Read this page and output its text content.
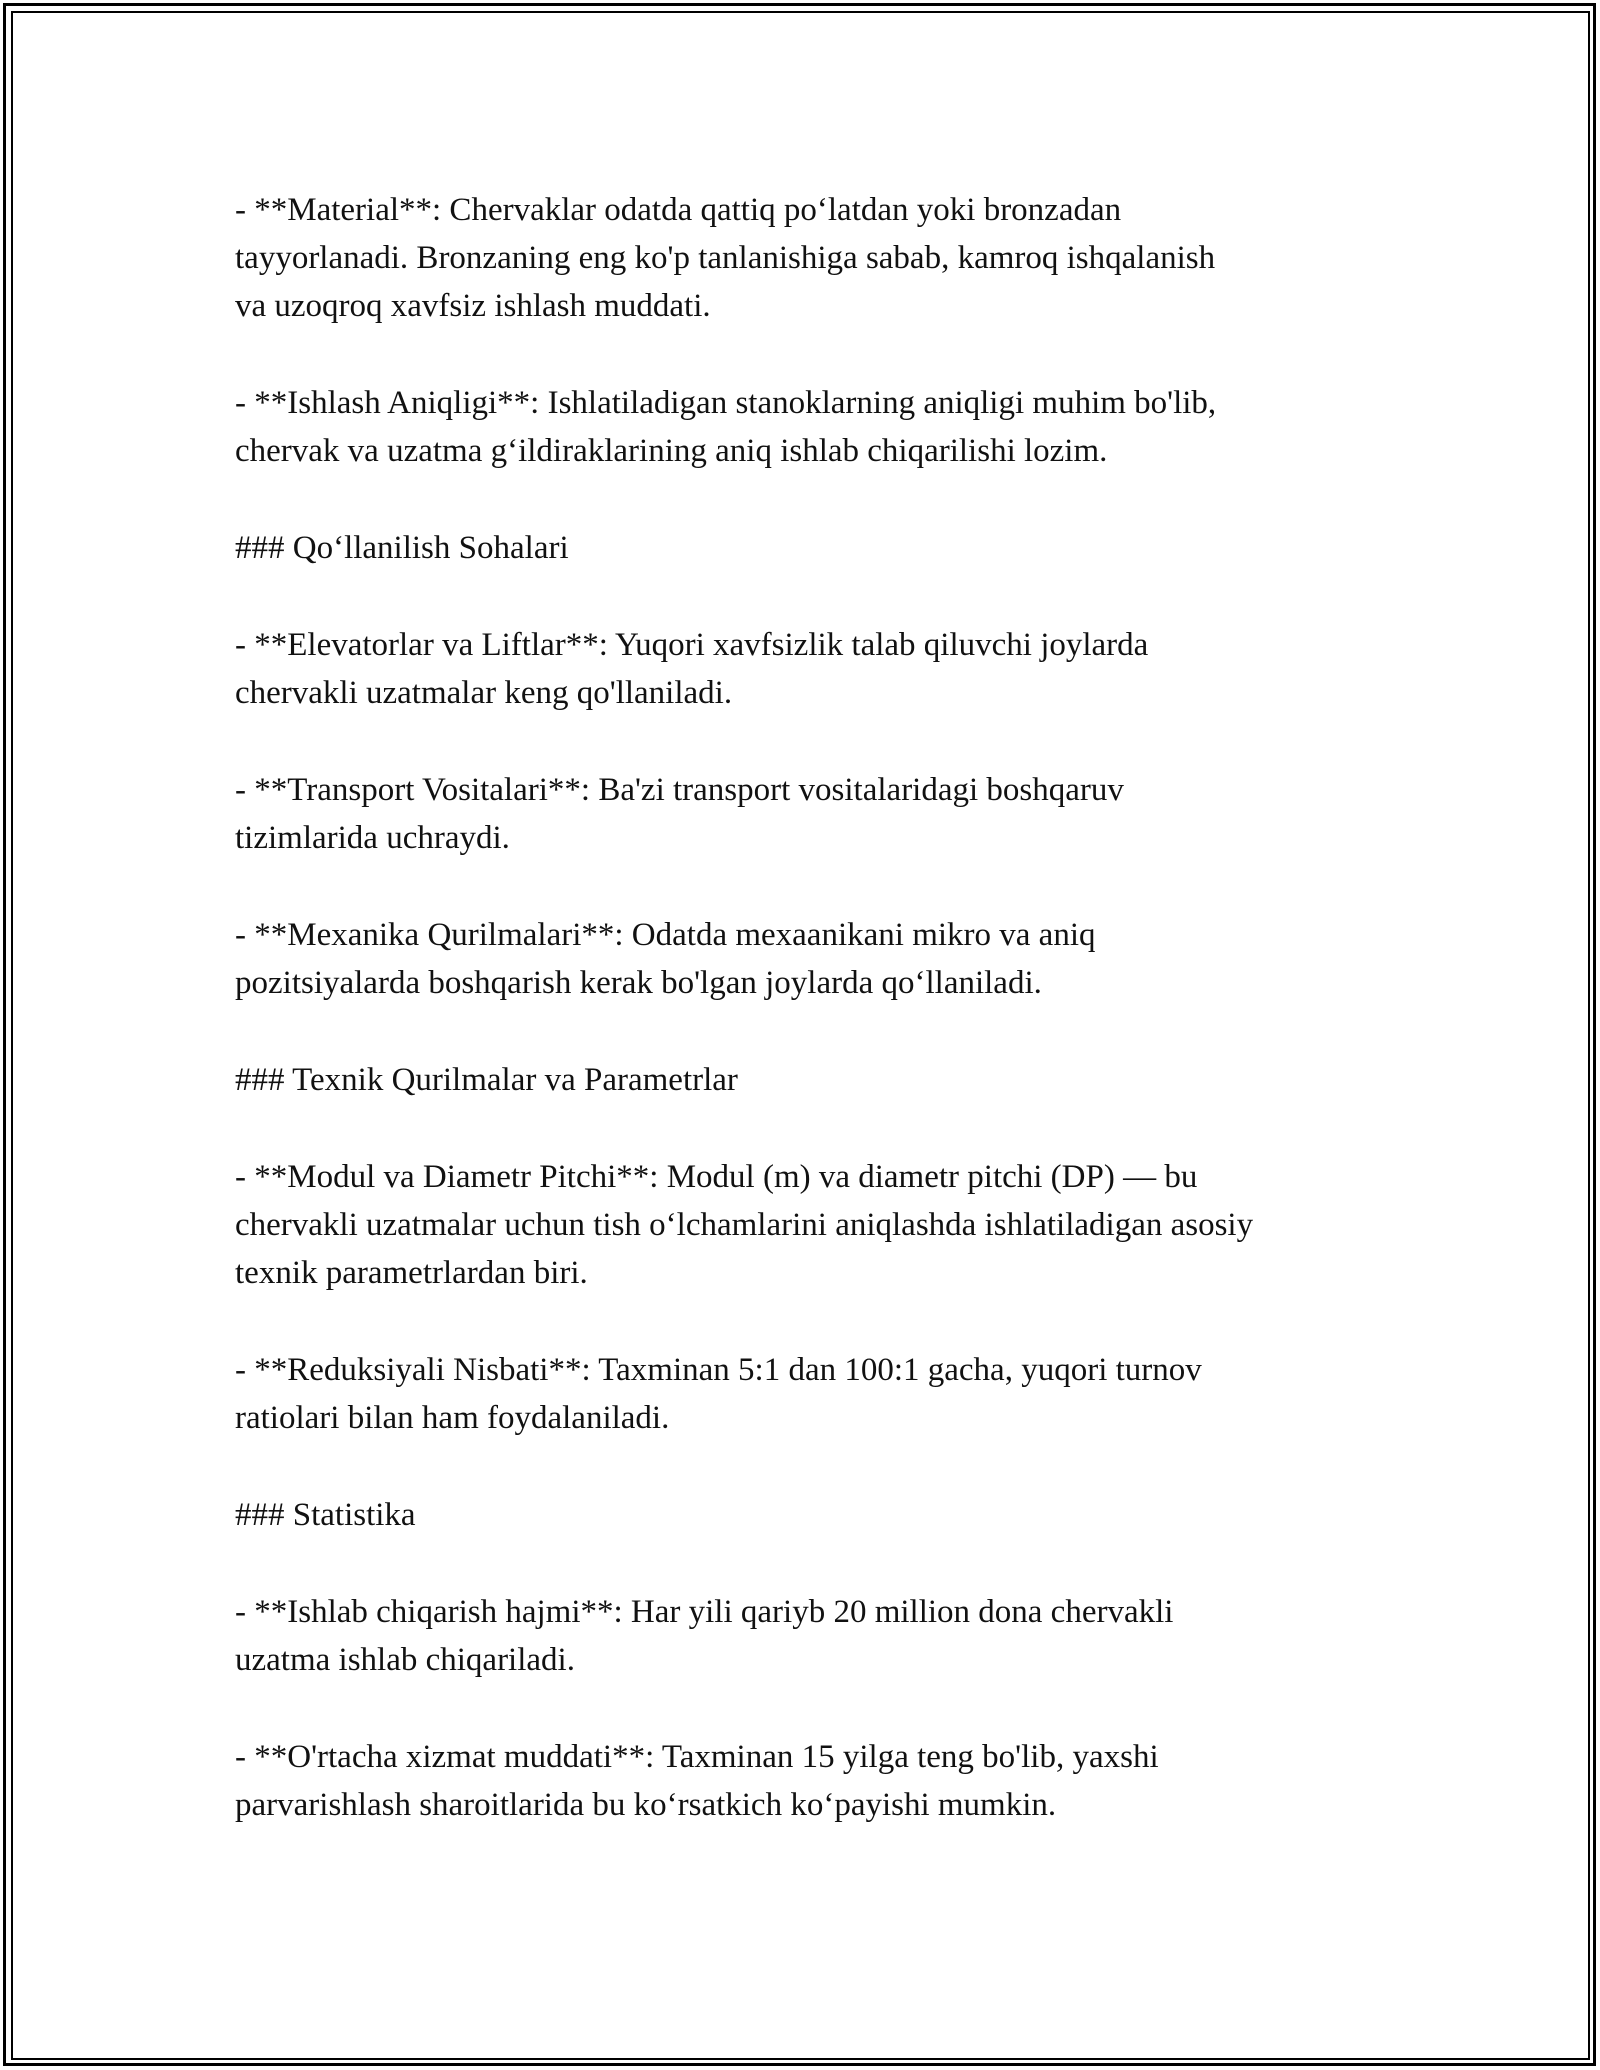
- **Material**: Chervaklar odatda qattiq po‘latdan yoki bronzadan

tayyorlanadi. Bronzaning eng ko'p tanlanishiga sabab, kamroq ishqalanish

va uzoqroq xavfsiz ishlash muddati.

- **Ishlash Aniqligi**: Ishlatiladigan stanoklarning aniqligi muhim bo'lib,

chervak va uzatma g‘ildiraklarining aniq ishlab chiqarilishi lozim.

### Qo‘llanilish Sohalari

- **Elevatorlar va Liftlar**: Yuqori xavfsizlik talab qiluvchi joylarda

chervakli uzatmalar keng qo'llaniladi.

- **Transport Vositalari**: Ba'zi transport vositalaridagi boshqaruv

tizimlarida uchraydi.

- **Mexanika Qurilmalari**: Odatda mexaanikani mikro va aniq

pozitsiyalarda boshqarish kerak bo'lgan joylarda qo‘llaniladi.

### Texnik Qurilmalar va Parametrlar

- **Modul va Diametr Pitchi**: Modul (m) va diametr pitchi (DP) — bu

chervakli uzatmalar uchun tish o‘lchamlarini aniqlashda ishlatiladigan asosiy

texnik parametrlardan biri.

- **Reduksiyali Nisbati**: Taxminan 5:1 dan 100:1 gacha, yuqori turnov

ratiolari bilan ham foydalaniladi.

### Statistika

- **Ishlab chiqarish hajmi**: Har yili qariyb 20 million dona chervakli

uzatma ishlab chiqariladi.

- **O'rtacha xizmat muddati**: Taxminan 15 yilga teng bo'lib, yaxshi

parvarishlash sharoitlarida bu ko‘rsatkich ko‘payishi mumkin.
